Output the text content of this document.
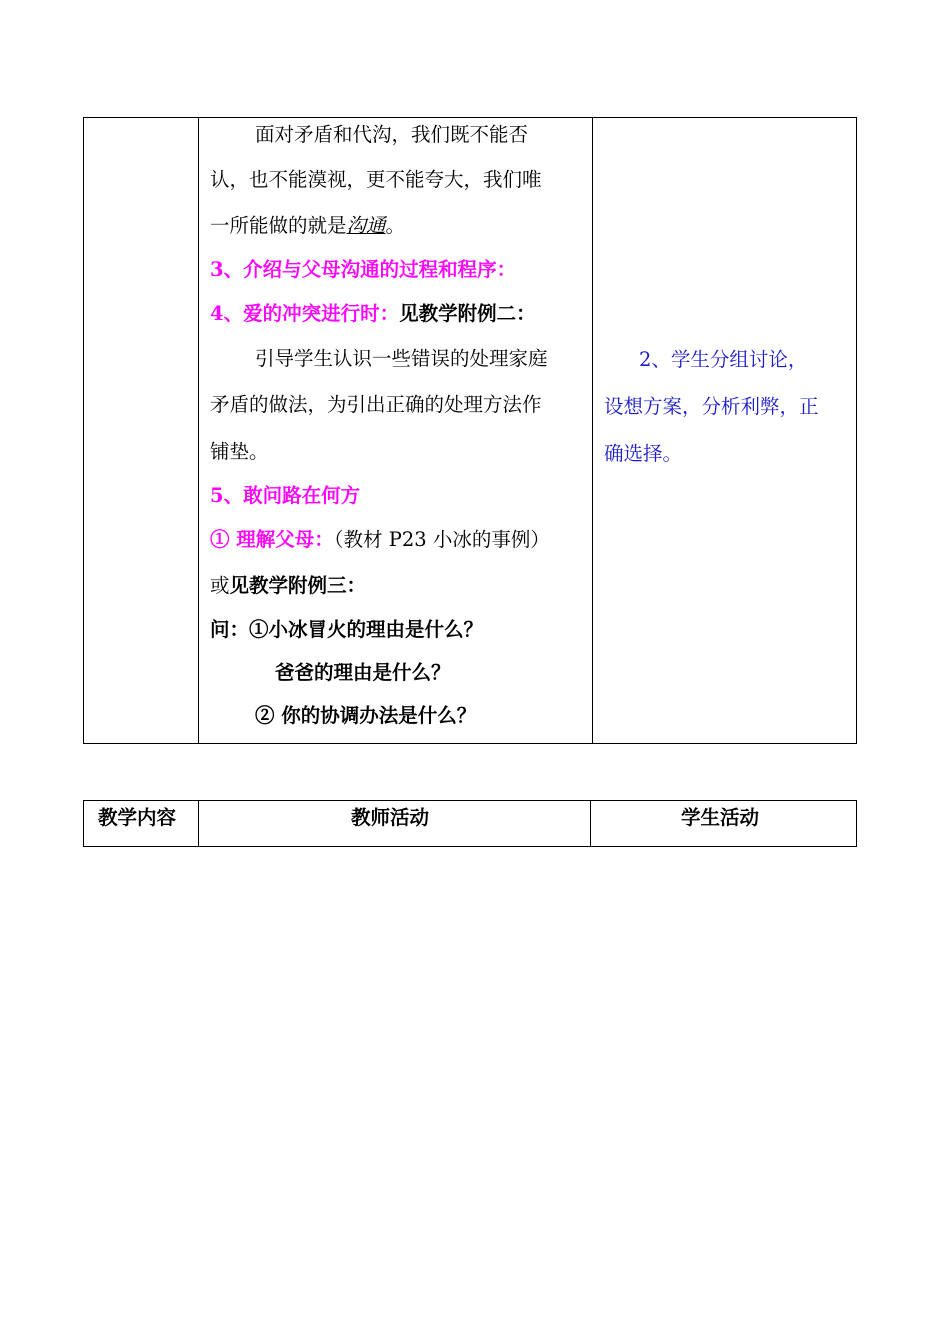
面对矛盾和代沟，我们既不能否
认，也不能漠视，更不能夸大，我们唯
一所能做的就是沟通。
3、介绍与父母沟通的过程和程序：
4、爱的冲突进行时：见教学附例二：
引导学生认识一些错误的处理家庭
矛盾的做法，为引出正确的处理方法作
铺垫。
5、敢问路在何方
① 理解父母：（教材 P23 小冰的事例）
或见教学附例三：
问：①小冰冒火的理由是什么？
爸爸的理由是什么？
② 你的协调办法是什么？
2、学生分组讨论，
设想方案，分析利弊，正
确选择。
教学内容	教师活动	学生活动
